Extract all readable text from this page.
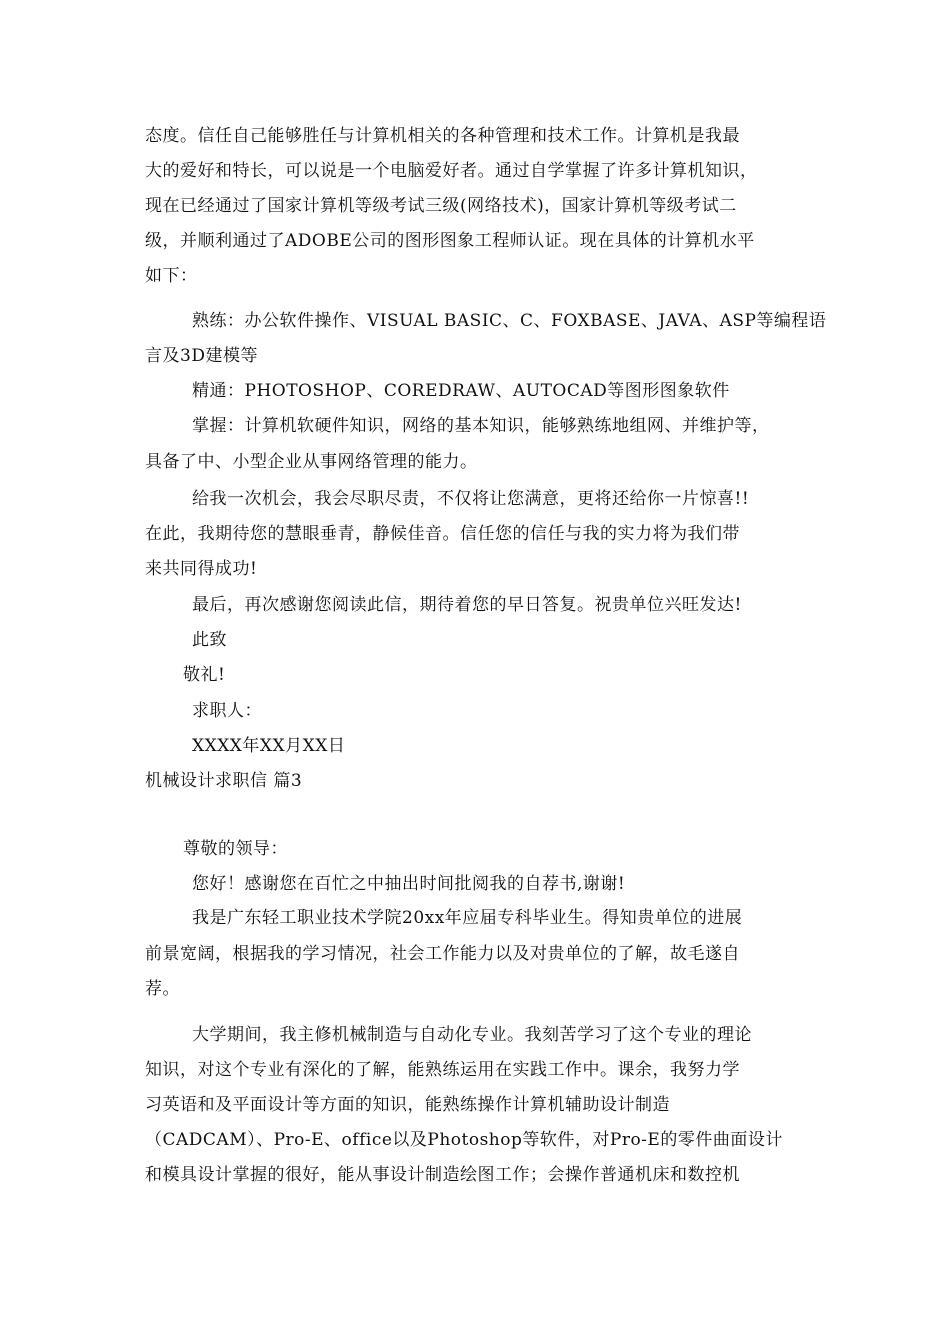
态度。信任自己能够胜任与计算机相关的各种管理和技术工作。计算机是我最
大的爱好和特长，可以说是一个电脑爱好者。通过自学掌握了许多计算机知识，
现在已经通过了国家计算机等级考试三级(网络技术)，国家计算机等级考试二
级，并顺利通过了ADOBE公司的图形图象工程师认证。现在具体的计算机水平
如下：
熟练：办公软件操作、VISUAL BASIC、C、FOXBASE、JAVA、ASP等编程语
言及3D建模等
精通：PHOTOSHOP、COREDRAW、AUTOCAD等图形图象软件
掌握：计算机软硬件知识，网络的基本知识，能够熟练地组网、并维护等，
具备了中、小型企业从事网络管理的能力。
给我一次机会，我会尽职尽责，不仅将让您满意，更将还给你一片惊喜!!
在此，我期待您的慧眼垂青，静候佳音。信任您的信任与我的实力将为我们带
来共同得成功!
最后，再次感谢您阅读此信，期待着您的早日答复。祝贵单位兴旺发达!
此致
敬礼!
求职人：
XXXX年XX月XX日
机械设计求职信 篇3
尊敬的领导：
您好！感谢您在百忙之中抽出时间批阅我的自荐书,谢谢!
我是广东轻工职业技术学院20xx年应届专科毕业生。得知贵单位的进展
前景宽阔，根据我的学习情况，社会工作能力以及对贵单位的了解，故毛遂自
荐。
大学期间，我主修机械制造与自动化专业。我刻苦学习了这个专业的理论
知识，对这个专业有深化的了解，能熟练运用在实践工作中。课余，我努力学
习英语和及平面设计等方面的知识，能熟练操作计算机辅助设计制造
（CADCAM）、Pro-E、office以及Photoshop等软件，对Pro-E的零件曲面设计
和模具设计掌握的很好，能从事设计制造绘图工作；会操作普通机床和数控机
